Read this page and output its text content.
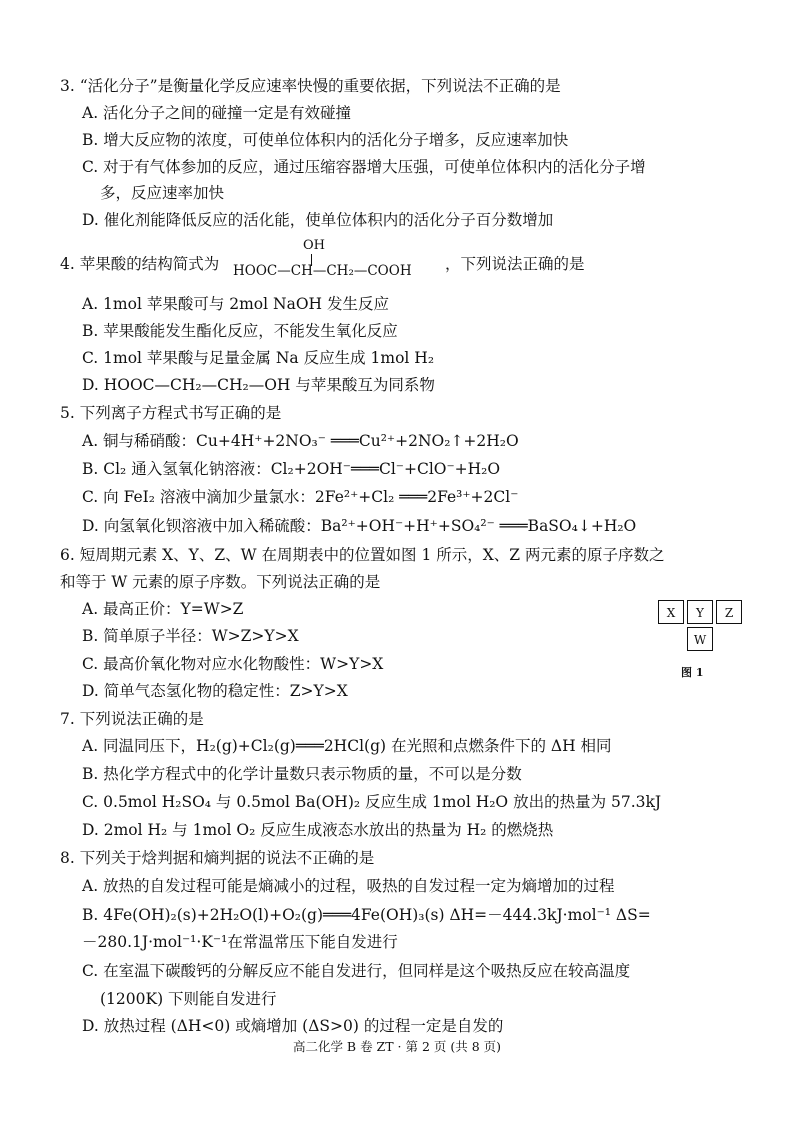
3. “活化分子”是衡量化学反应速率快慢的重要依据，下列说法不正确的是
A. 活化分子之间的碰撞一定是有效碰撞
B. 增大反应物的浓度，可使单位体积内的活化分子增多，反应速率加快
C. 对于有气体参加的反应，通过压缩容器增大压强，可使单位体积内的活化分子增
多，反应速率加快
D. 催化剂能降低反应的活化能，使单位体积内的活化分子百分数增加
4. 苹果酸的结构简式为
OH
HOOC—CH—CH₂—COOH ，下列说法正确的是
A. 1mol 苹果酸可与 2mol NaOH 发生反应
B. 苹果酸能发生酯化反应，不能发生氧化反应
C. 1mol 苹果酸与足量金属 Na 反应生成 1mol H₂
D. HOOC—CH₂—CH₂—OH 与苹果酸互为同系物
5. 下列离子方程式书写正确的是
A. 铜与稀硝酸：Cu+4H⁺+2NO₃⁻ ═══Cu²⁺+2NO₂↑+2H₂O
B. Cl₂ 通入氢氧化钠溶液：Cl₂+2OH⁻═══Cl⁻+ClO⁻+H₂O
C. 向 FeI₂ 溶液中滴加少量氯水：2Fe²⁺+Cl₂ ═══2Fe³⁺+2Cl⁻
D. 向氢氧化钡溶液中加入稀硫酸：Ba²⁺+OH⁻+H⁺+SO₄²⁻ ═══BaSO₄↓+H₂O
6. 短周期元素 X、Y、Z、W 在周期表中的位置如图 1 所示，X、Z 两元素的原子序数之
和等于 W 元素的原子序数。下列说法正确的是
A. 最高正价：Y=W>Z
B. 简单原子半径：W>Z>Y>X
C. 最高价氧化物对应水化物酸性：W>Y>X
D. 简单气态氢化物的稳定性：Z>Y>X
X	Y	Z
W
图 1
7. 下列说法正确的是
A. 同温同压下，H₂(g)+Cl₂(g)═══2HCl(g) 在光照和点燃条件下的 ΔH 相同
B. 热化学方程式中的化学计量数只表示物质的量，不可以是分数
C. 0.5mol H₂SO₄ 与 0.5mol Ba(OH)₂ 反应生成 1mol H₂O 放出的热量为 57.3kJ
D. 2mol H₂ 与 1mol O₂ 反应生成液态水放出的热量为 H₂ 的燃烧热
8. 下列关于焓判据和熵判据的说法不正确的是
A. 放热的自发过程可能是熵减小的过程，吸热的自发过程一定为熵增加的过程
B. 4Fe(OH)₂(s)+2H₂O(l)+O₂(g)═══4Fe(OH)₃(s) ΔH=－444.3kJ·mol⁻¹ ΔS=
－280.1J·mol⁻¹·K⁻¹在常温常压下能自发进行
C. 在室温下碳酸钙的分解反应不能自发进行，但同样是这个吸热反应在较高温度
(1200K) 下则能自发进行
D. 放热过程 (ΔH<0) 或熵增加 (ΔS>0) 的过程一定是自发的
高二化学 B 卷 ZT · 第 2 页 (共 8 页)
